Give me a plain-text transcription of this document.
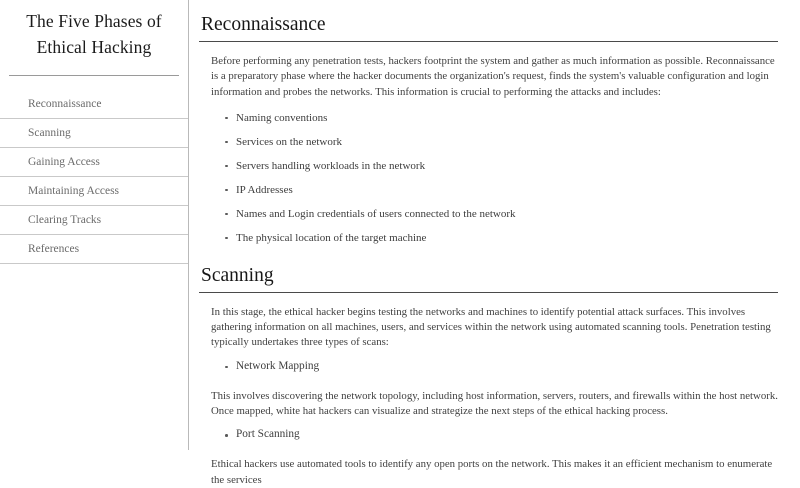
The Five Phases of
Ethical Hacking
Reconnaissance
Scanning
Gaining Access
Maintaining Access
Clearing Tracks
References
Reconnaissance

Before performing any penetration tests, hackers footprint the system and gather as much information as possible. Reconnaissance is a preparatory phase where the hacker documents the organization's request, finds the system's valuable configuration and login information and probes the networks. This information is crucial to performing the attacks and includes:

Naming conventions
Services on the network
Servers handling workloads in the network
IP Addresses
Names and Login credentials of users connected to the network
The physical location of the target machine
Scanning

In this stage, the ethical hacker begins testing the networks and machines to identify potential attack surfaces. This involves gathering information on all machines, users, and services within the network using automated scanning tools. Penetration testing typically undertakes three types of scans:

Network Mapping

This involves discovering the network topology, including host information, servers, routers, and firewalls within the host network. Once mapped, white hat hackers can visualize and strategize the next steps of the ethical hacking process.

Port Scanning

Ethical hackers use automated tools to identify any open ports on the network. This makes it an efficient mechanism to enumerate the services
